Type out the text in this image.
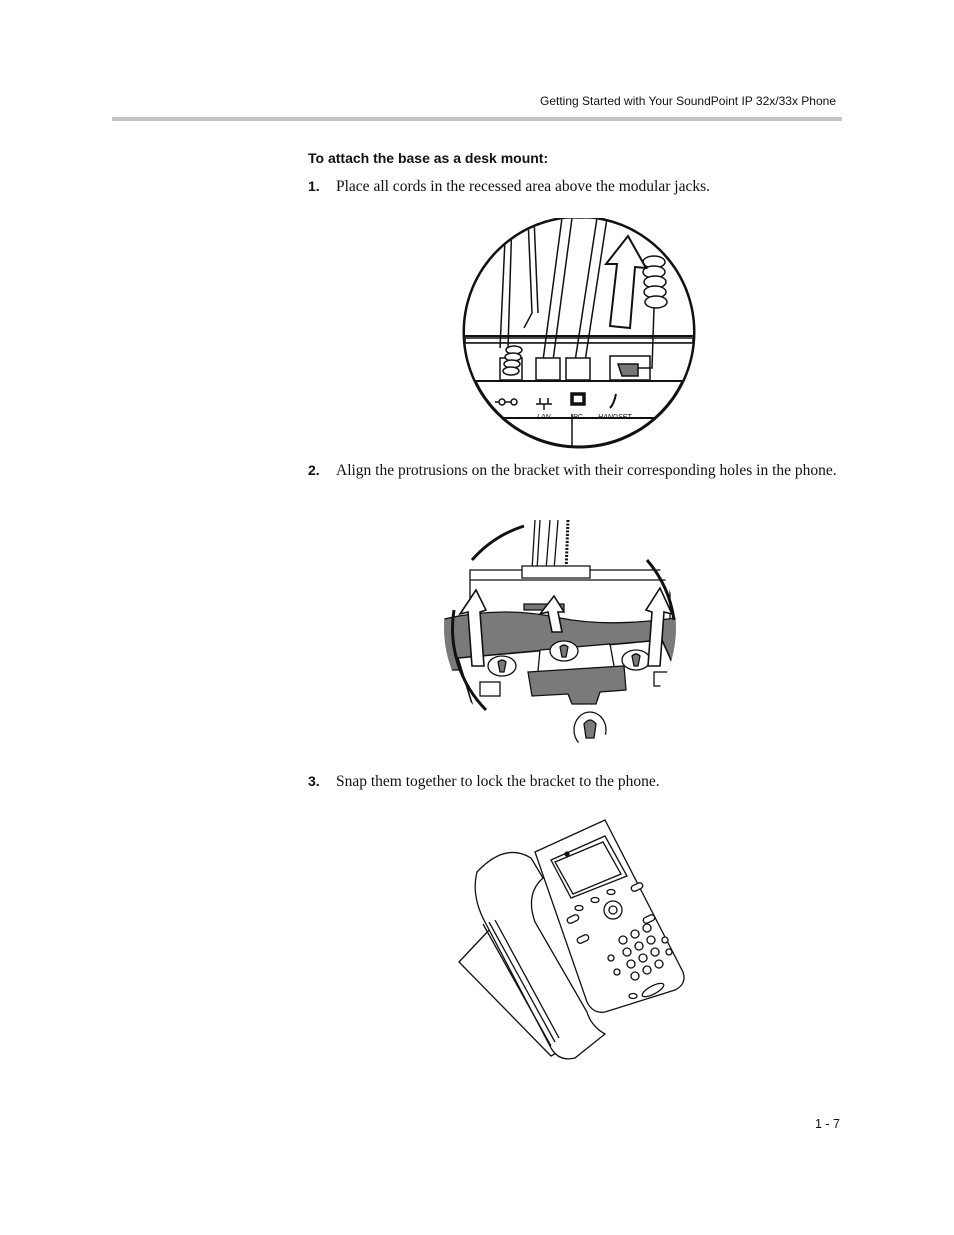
Getting Started with Your SoundPoint IP 32x/33x Phone
To attach the base as a desk mount:
1. Place all cords in the recessed area above the modular jacks.
LAN	PC HANDSET
2. Align the protrusions on the bracket with their corresponding holes in the phone.
3. Snap them together to lock the bracket to the phone.
1 - 7
